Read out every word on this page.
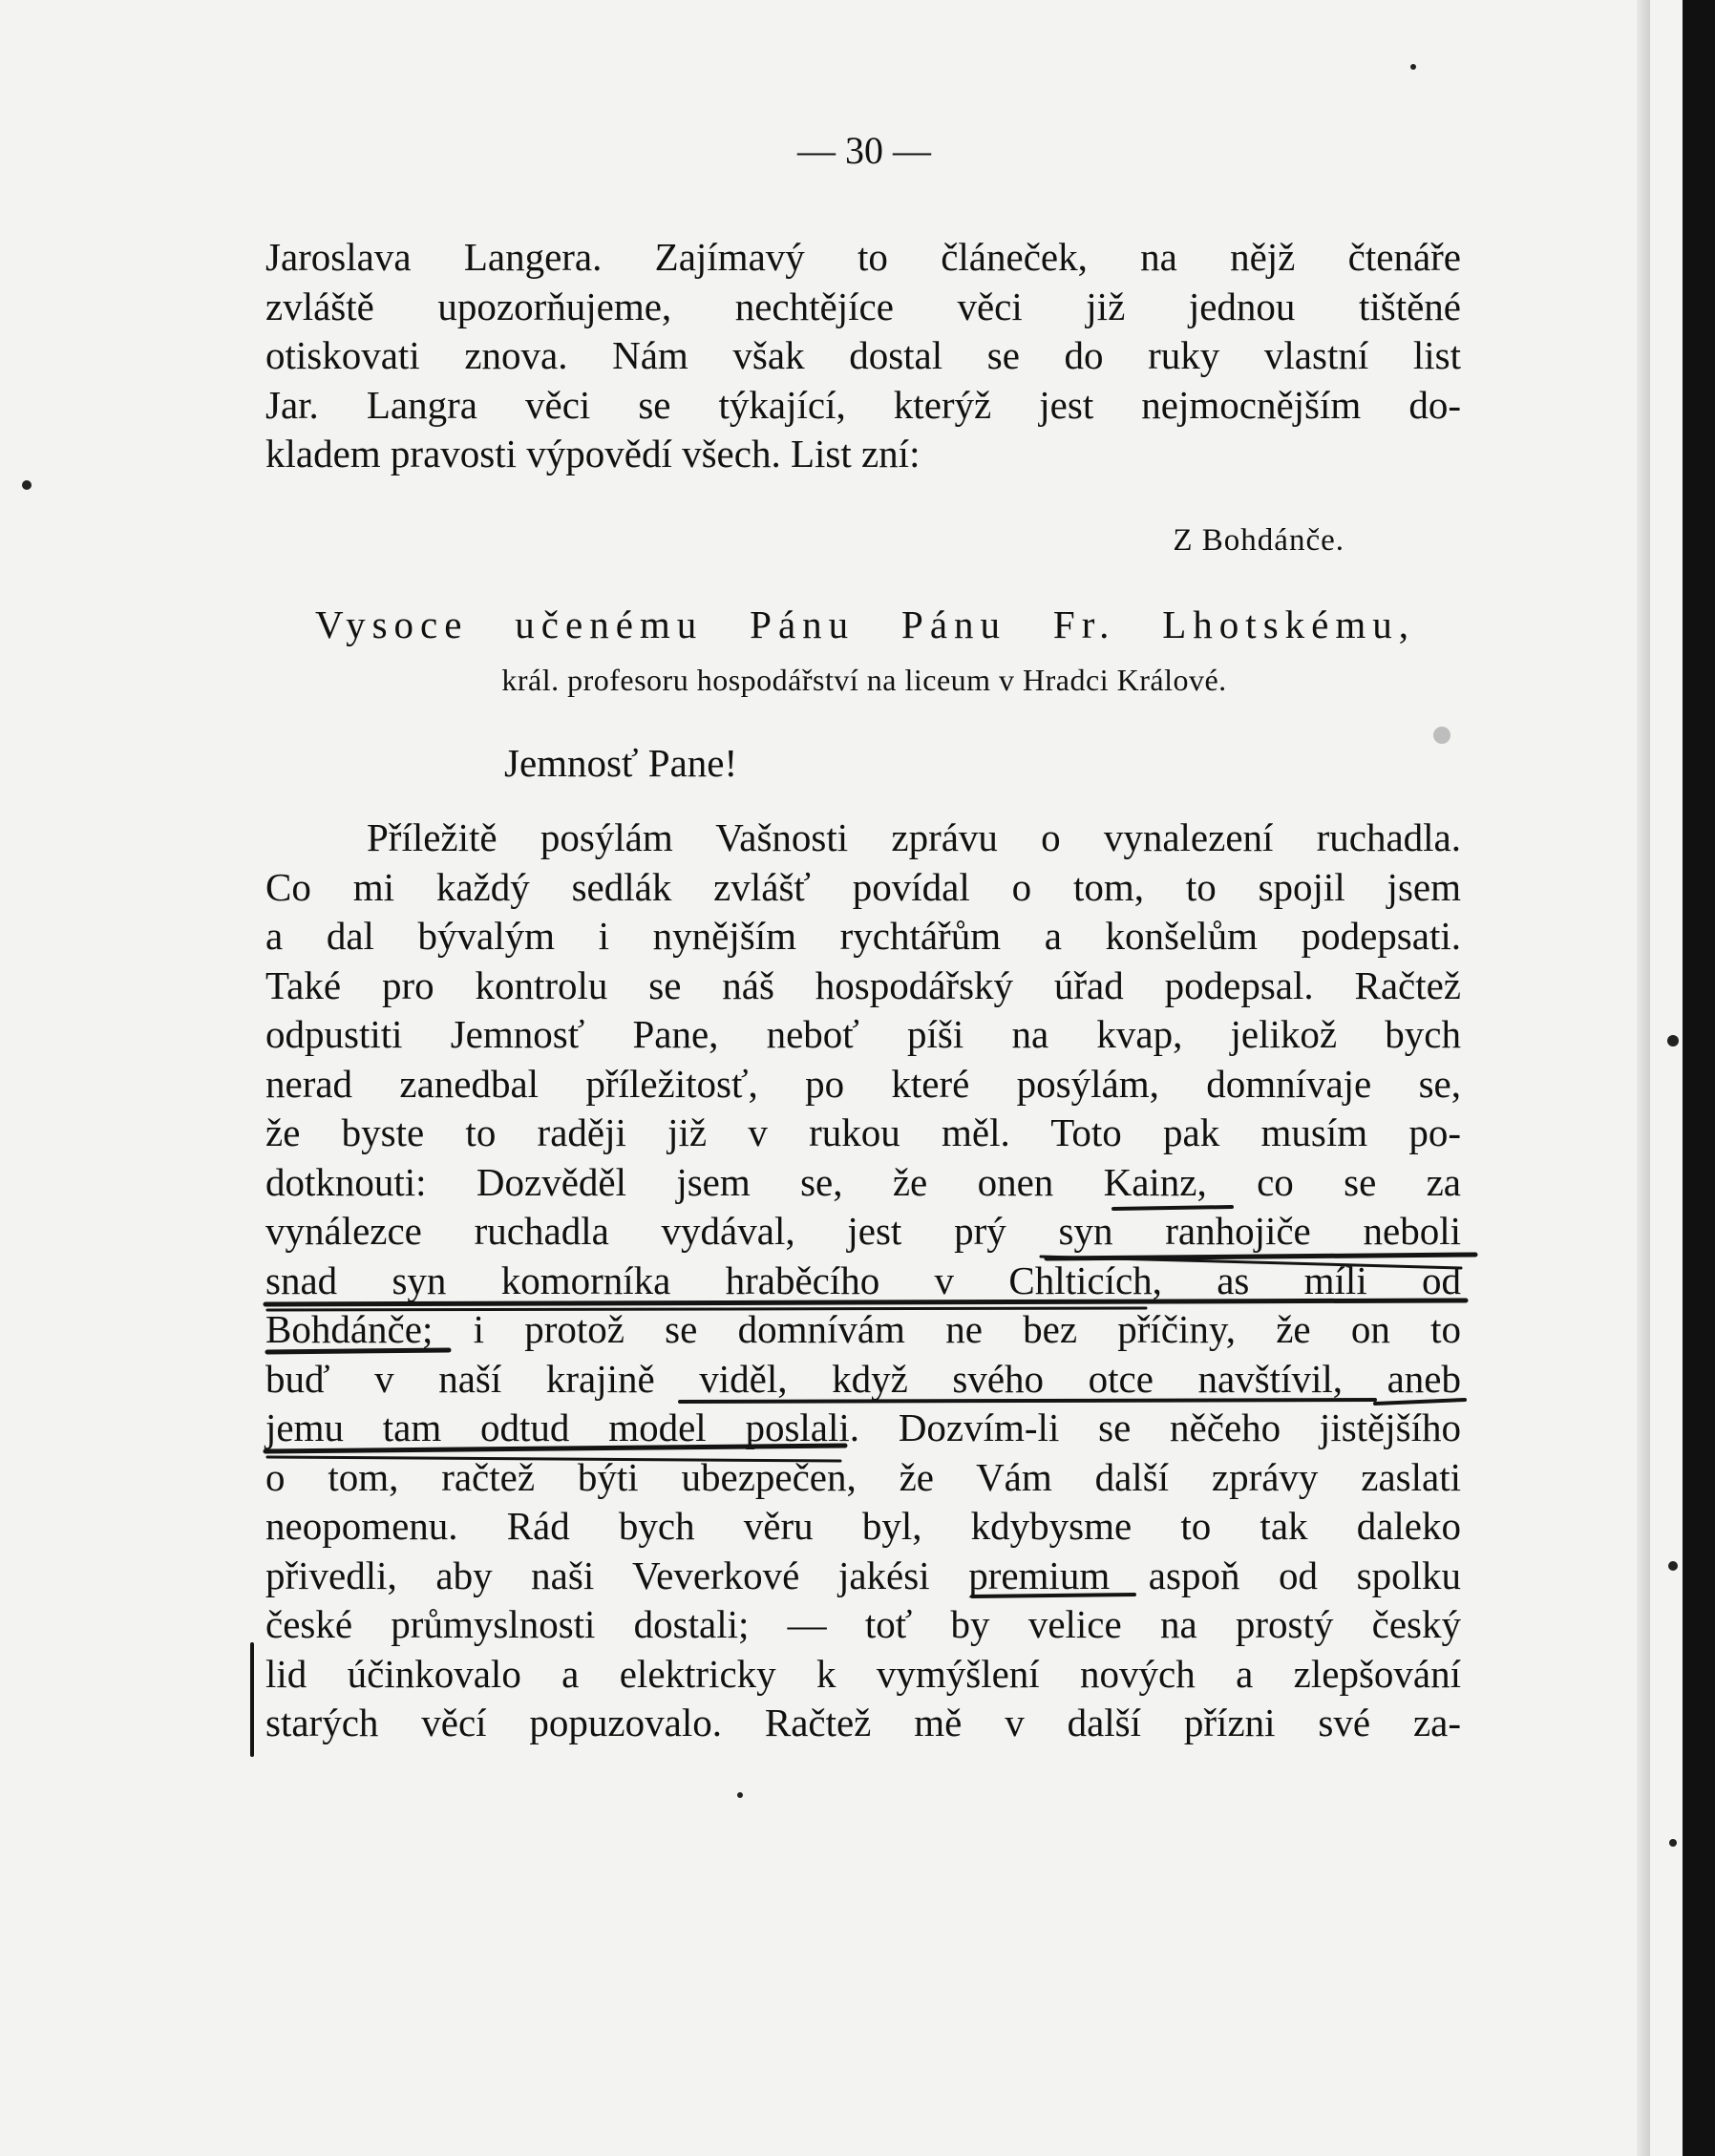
— 30 —
Jaroslava Langera. Zajímavý to článeček, na nějž čtenáře
zvláště upozorňujeme, nechtějíce věci již jednou tištěné
otiskovati znova. Nám však dostal se do ruky vlastní list
Jar. Langra věci se týkající, kterýž jest nejmocnějším do-
kladem pravosti výpovědí všech. List zní:
Z Bohdánče.
Vysoce učenému Pánu Pánu Fr. Lhotskému,
král. profesoru hospodářství na liceum v Hradci Králové.
Jemnosť Pane!
Příležitě posýlám Vašnosti zprávu o vynalezení ruchadla.
Co mi každý sedlák zvlášť povídal o tom, to spojil jsem
a dal bývalým i nynějším rychtářům a konšelům podepsati.
Také pro kontrolu se náš hospodářský úřad podepsal. Račtež
odpustiti Jemnosť Pane, neboť píši na kvap, jelikož bych
nerad zanedbal příležitosť, po které posýlám, domnívaje se,
že byste to raději již v rukou měl. Toto pak musím po-
dotknouti: Dozvěděl jsem se, že onen Kainz, co se za
vynálezce ruchadla vydával, jest prý syn ranhojiče neboli
snad syn komorníka hraběcího v Chlticích, as míli od
Bohdánče; i protož se domnívám ne bez příčiny, že on to
buď v naší krajině viděl, když svého otce navštívil, aneb
jemu tam odtud model poslali. Dozvím-li se něčeho jistějšího
o tom, račtež býti ubezpečen, že Vám další zprávy zaslati
neopomenu. Rád bych věru byl, kdybysme to tak daleko
přivedli, aby naši Veverkové jakési premium aspoň od spolku
české průmyslnosti dostali; — toť by velice na prostý český
lid účinkovalo a elektricky k vymýšlení nových a zlepšování
starých věcí popuzovalo. Račtež mě v další přízni své za-
